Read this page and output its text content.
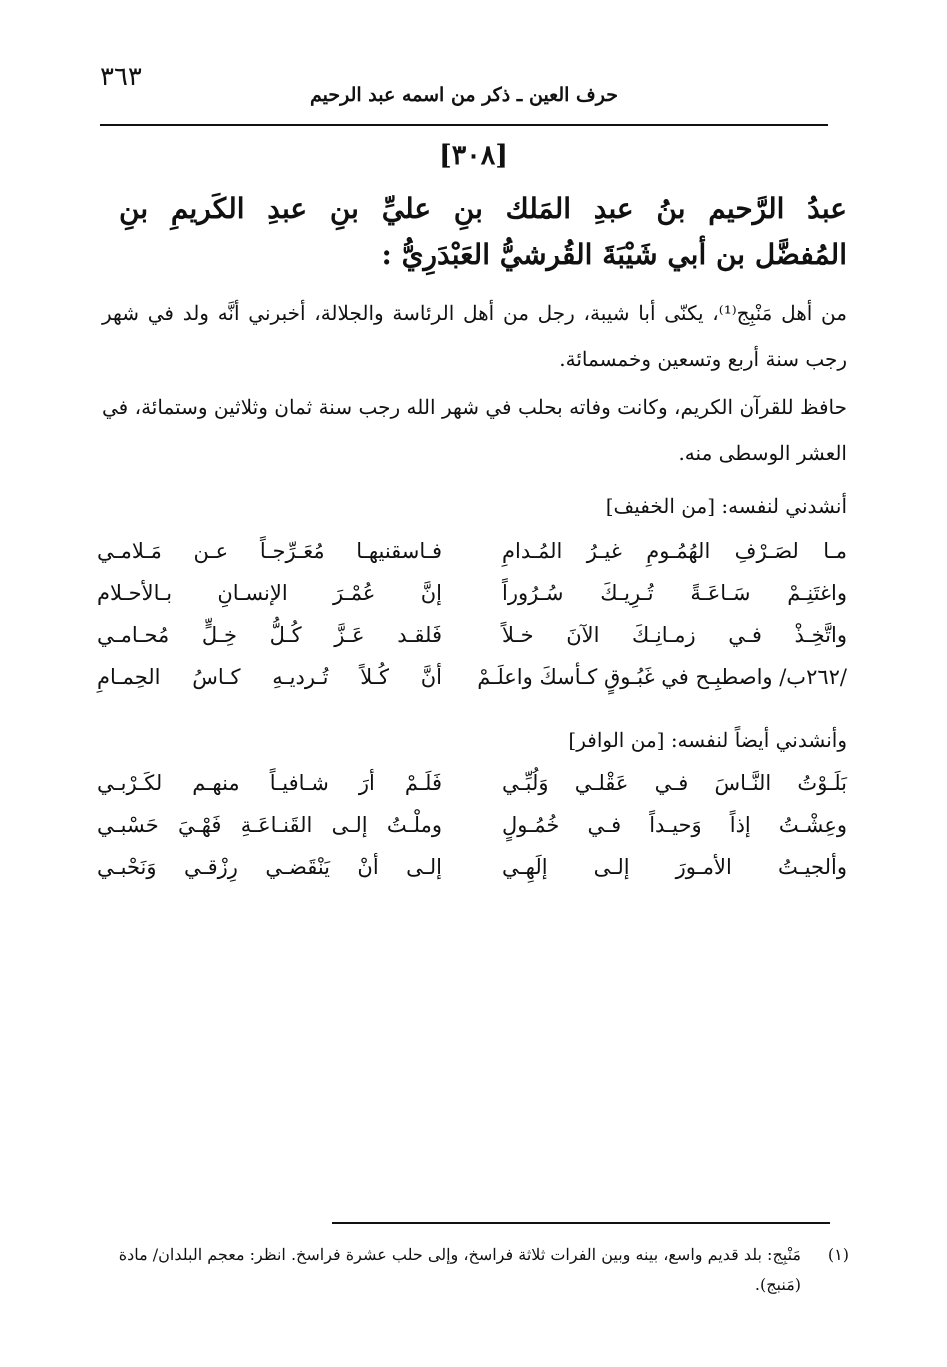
٣٦٣
حرف العين ـ ذكر من اسمه عبد الرحيم
[٣٠٨]
عبدُ الرَّحيم بنُ عبدِ المَلك بنِ عليِّ بنِ عبدِ الكَريمِ بنِ
المُفضَّل بن أبي شَيْبَةَ القُرشيُّ العَبْدَرِيُّ :

من أهل مَنْبِج⁽¹⁾، يكنّى أبا شيبة، رجل من أهل الرئاسة والجلالة، أخبرني أنَّه ولد في شهر رجب سنة أربع وتسعين وخمسمائة.

حافظ للقرآن الكريم، وكانت وفاته بحلب في شهر الله رجب سنة ثمان وثلاثين وستمائة، في العشر الوسطى منه.

أنشدني لنفسه: [من الخفيف]
مـا لصَـرْفِ الهُمُـومِ غيـرُ المُـدامِ
فـاسقنيهـا مُعَـرِّجـاً عـن مَـلامـي
واغتَنِـمْ سَـاعَـةً تُـرِيـكَ سُـرُوراً
إنَّ عُمْـرَ الإنسـانِ بـالأحـلام
واتَّخِـذْ فـي زمـانِـكَ الآنَ خـلاً
فَلقـد عَـزَّ كُـلُّ خِـلٍّ مُحـامـي
/٢٦٢ب/ واصطبِـح في غَبُـوقٍ كـأسكَ واعلَـمْ
أنَّ كُـلاً تُـرديـهِ كـاسُ الحِمـامِ
وأنشدني أيضاً لنفسه: [من الوافر]
بَلَـوْتُ النَّـاسَ فـي عَقْلـي وَلُبِّـي
فَلَـمْ أرَ شـافيـاً منهـم لكَـرْبـي
وعِشْـتُ إذاً وَحيـداً فـي خُمُـولٍ
وملْـتُ إلـى القَنـاعَـةِ فَهْـيَ حَسْبـي
وألجيـتُ الأمـورَ إلـى إلَهِـي
إلـى أنْ يَنْقَضـي رِزْقـي وَنَحْبـي
(١)
مَنْبِج: بلد قديم واسع، بينه وبين الفرات ثلاثة فراسخ، وإلى حلب عشرة فراسخ. انظر: معجم البلدان/ مادة (مَنبج).
